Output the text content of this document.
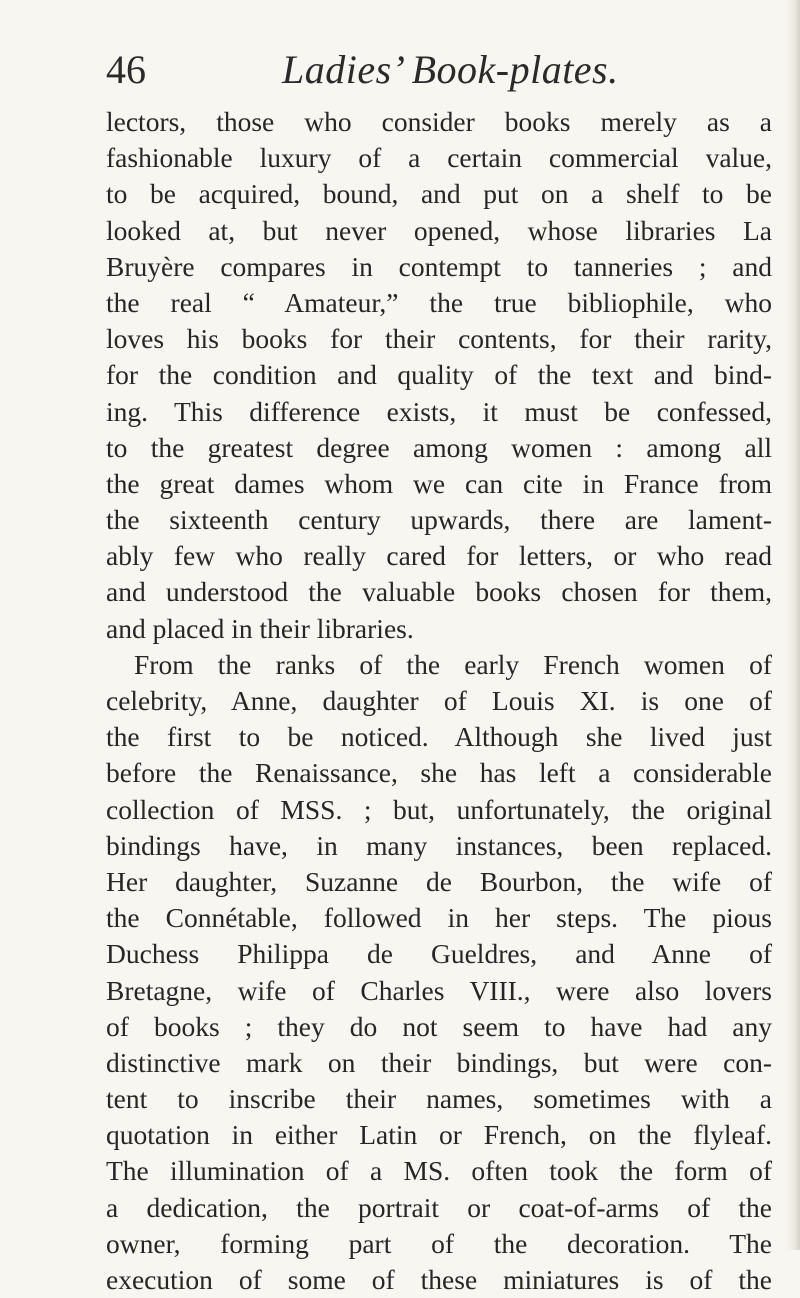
46	Ladies’ Book-plates.
lectors, those who consider books merely as a
fashionable luxury of a certain commercial value,
to be acquired, bound, and put on a shelf to be
looked at, but never opened, whose libraries La
Bruyère compares in contempt to tanneries ; and
the real “ Amateur,” the true bibliophile, who
loves his books for their contents, for their rarity,
for the condition and quality of the text and bind-
ing. This difference exists, it must be confessed,
to the greatest degree among women : among all
the great dames whom we can cite in France from
the sixteenth century upwards, there are lament-
ably few who really cared for letters, or who read
and understood the valuable books chosen for them,
and placed in their libraries.
From the ranks of the early French women of
celebrity, Anne, daughter of Louis XI. is one of
the first to be noticed. Although she lived just
before the Renaissance, she has left a considerable
collection of MSS. ; but, unfortunately, the original
bindings have, in many instances, been replaced.
Her daughter, Suzanne de Bourbon, the wife of
the Connétable, followed in her steps. The pious
Duchess Philippa de Gueldres, and Anne of
Bretagne, wife of Charles VIII., were also lovers
of books ; they do not seem to have had any
distinctive mark on their bindings, but were con-
tent to inscribe their names, sometimes with a
quotation in either Latin or French, on the flyleaf.
The illumination of a MS. often took the form of
a dedication, the portrait or coat-of-arms of the
owner, forming part of the decoration. The
execution of some of these miniatures is of the
